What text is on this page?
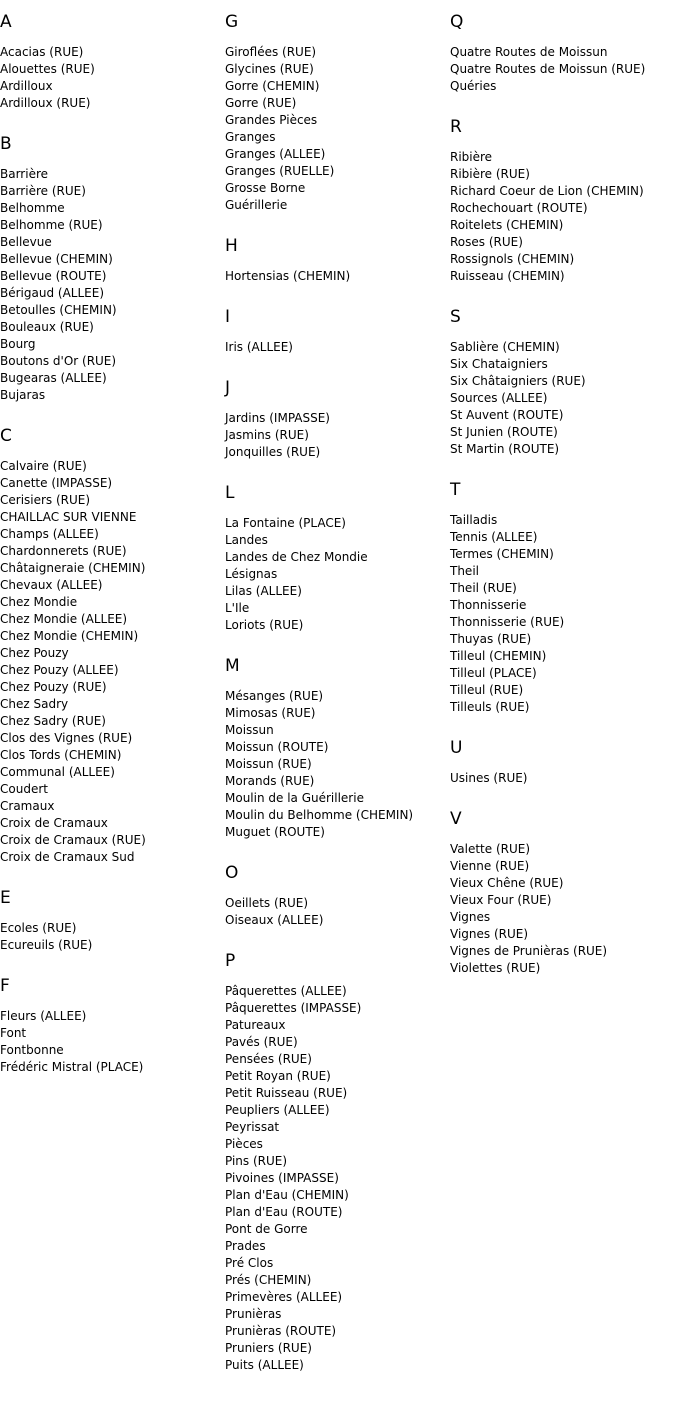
A
Acacias (RUE)
Alouettes (RUE)
Ardilloux
Ardilloux (RUE)
B
Barrière
Barrière (RUE)
Belhomme
Belhomme (RUE)
Bellevue
Bellevue (CHEMIN)
Bellevue (ROUTE)
Bérigaud (ALLEE)
Betoulles (CHEMIN)
Bouleaux (RUE)
Bourg
Boutons d'Or (RUE)
Bugearas (ALLEE)
Bujaras
C
Calvaire (RUE)
Canette (IMPASSE)
Cerisiers (RUE)
CHAILLAC SUR VIENNE
Champs (ALLEE)
Chardonnerets (RUE)
Châtaigneraie (CHEMIN)
Chevaux (ALLEE)
Chez Mondie
Chez Mondie (ALLEE)
Chez Mondie (CHEMIN)
Chez Pouzy
Chez Pouzy (ALLEE)
Chez Pouzy (RUE)
Chez Sadry
Chez Sadry (RUE)
Clos des Vignes (RUE)
Clos Tords (CHEMIN)
Communal (ALLEE)
Coudert
Cramaux
Croix de Cramaux
Croix de Cramaux (RUE)
Croix de Cramaux Sud
E
Ecoles (RUE)
Ecureuils (RUE)
F
Fleurs (ALLEE)
Font
Fontbonne
Frédéric Mistral (PLACE)
G
Giroflées (RUE)
Glycines (RUE)
Gorre (CHEMIN)
Gorre (RUE)
Grandes Pièces
Granges
Granges (ALLEE)
Granges (RUELLE)
Grosse Borne
Guérillerie
H
Hortensias (CHEMIN)
I
Iris (ALLEE)
J
Jardins (IMPASSE)
Jasmins (RUE)
Jonquilles (RUE)
L
La Fontaine (PLACE)
Landes
Landes de Chez Mondie
Lésignas
Lilas (ALLEE)
L'Ile
Loriots (RUE)
M
Mésanges (RUE)
Mimosas (RUE)
Moissun
Moissun (ROUTE)
Moissun (RUE)
Morands (RUE)
Moulin de la Guérillerie
Moulin du Belhomme (CHEMIN)
Muguet (ROUTE)
O
Oeillets (RUE)
Oiseaux (ALLEE)
P
Pâquerettes (ALLEE)
Pâquerettes (IMPASSE)
Patureaux
Pavés (RUE)
Pensées (RUE)
Petit Royan (RUE)
Petit Ruisseau (RUE)
Peupliers (ALLEE)
Peyrissat
Pièces
Pins (RUE)
Pivoines (IMPASSE)
Plan d'Eau (CHEMIN)
Plan d'Eau (ROUTE)
Pont de Gorre
Prades
Pré Clos
Prés (CHEMIN)
Primevères (ALLEE)
Prunièras
Prunièras (ROUTE)
Pruniers (RUE)
Puits (ALLEE)
Q
Quatre Routes de Moissun
Quatre Routes de Moissun (RUE)
Quéries
R
Ribière
Ribière (RUE)
Richard Coeur de Lion (CHEMIN)
Rochechouart (ROUTE)
Roitelets (CHEMIN)
Roses (RUE)
Rossignols (CHEMIN)
Ruisseau (CHEMIN)
S
Sablière (CHEMIN)
Six Chataigniers
Six Châtaigniers (RUE)
Sources (ALLEE)
St Auvent (ROUTE)
St Junien (ROUTE)
St Martin (ROUTE)
T
Tailladis
Tennis (ALLEE)
Termes (CHEMIN)
Theil
Theil (RUE)
Thonnisserie
Thonnisserie (RUE)
Thuyas (RUE)
Tilleul (CHEMIN)
Tilleul (PLACE)
Tilleul (RUE)
Tilleuls (RUE)
U
Usines (RUE)
V
Valette (RUE)
Vienne (RUE)
Vieux Chêne (RUE)
Vieux Four (RUE)
Vignes
Vignes (RUE)
Vignes de Prunièras (RUE)
Violettes (RUE)
